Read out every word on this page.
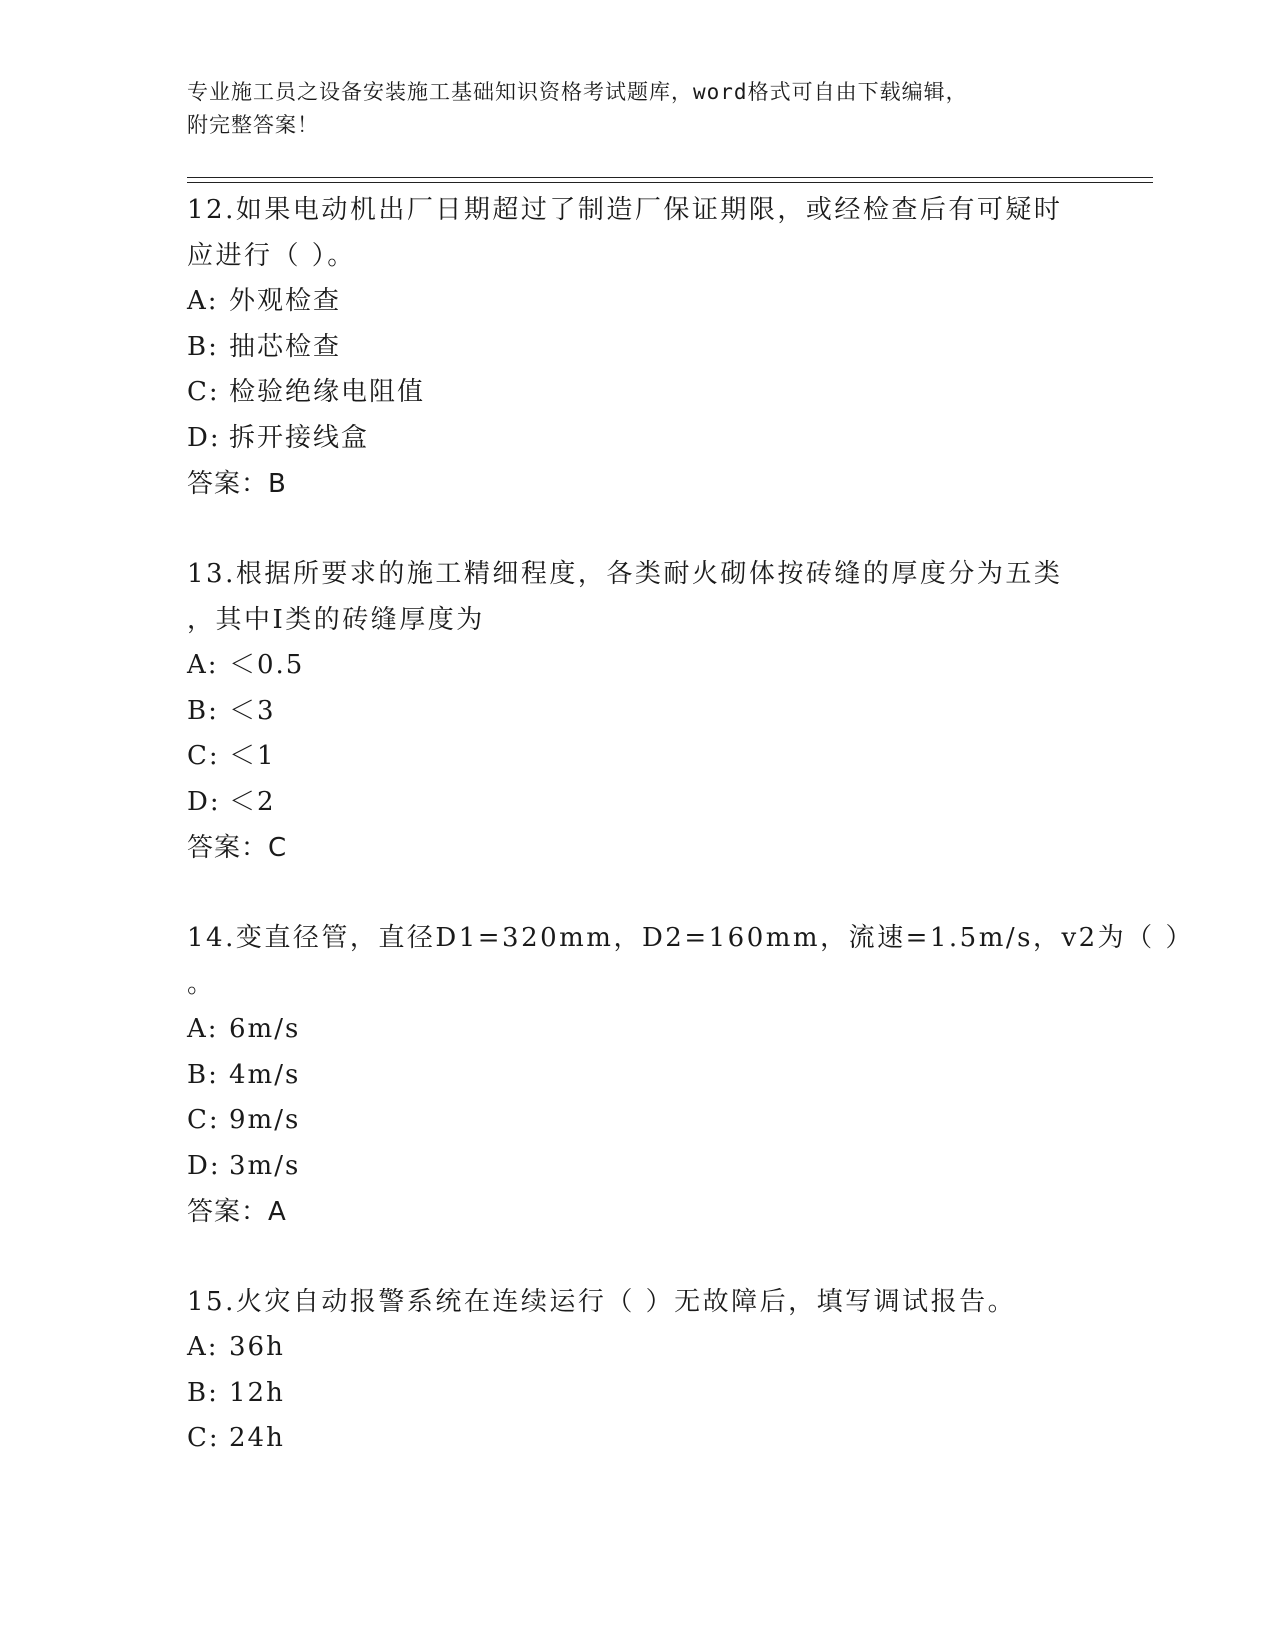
专业施工员之设备安装施工基础知识资格考试题库，word格式可自由下载编辑，
附完整答案！
12.如果电动机出厂日期超过了制造厂保证期限，或经检查后有可疑时
应进行（ ）。
A: 外观检查
B: 抽芯检查
C: 检验绝缘电阻值
D: 拆开接线盒
答案：B
13.根据所要求的施工精细程度，各类耐火砌体按砖缝的厚度分为五类
，其中Ⅰ类的砖缝厚度为
A: ＜0.5
B: ＜3
C: ＜1
D: ＜2
答案：C
14.变直径管，直径D1=320mm，D2=160mm，流速=1.5m/s，v2为（ ）
。
A: 6m/s
B: 4m/s
C: 9m/s
D: 3m/s
答案：A
15.火灾自动报警系统在连续运行（ ）无故障后，填写调试报告。
A: 36h
B: 12h
C: 24h
